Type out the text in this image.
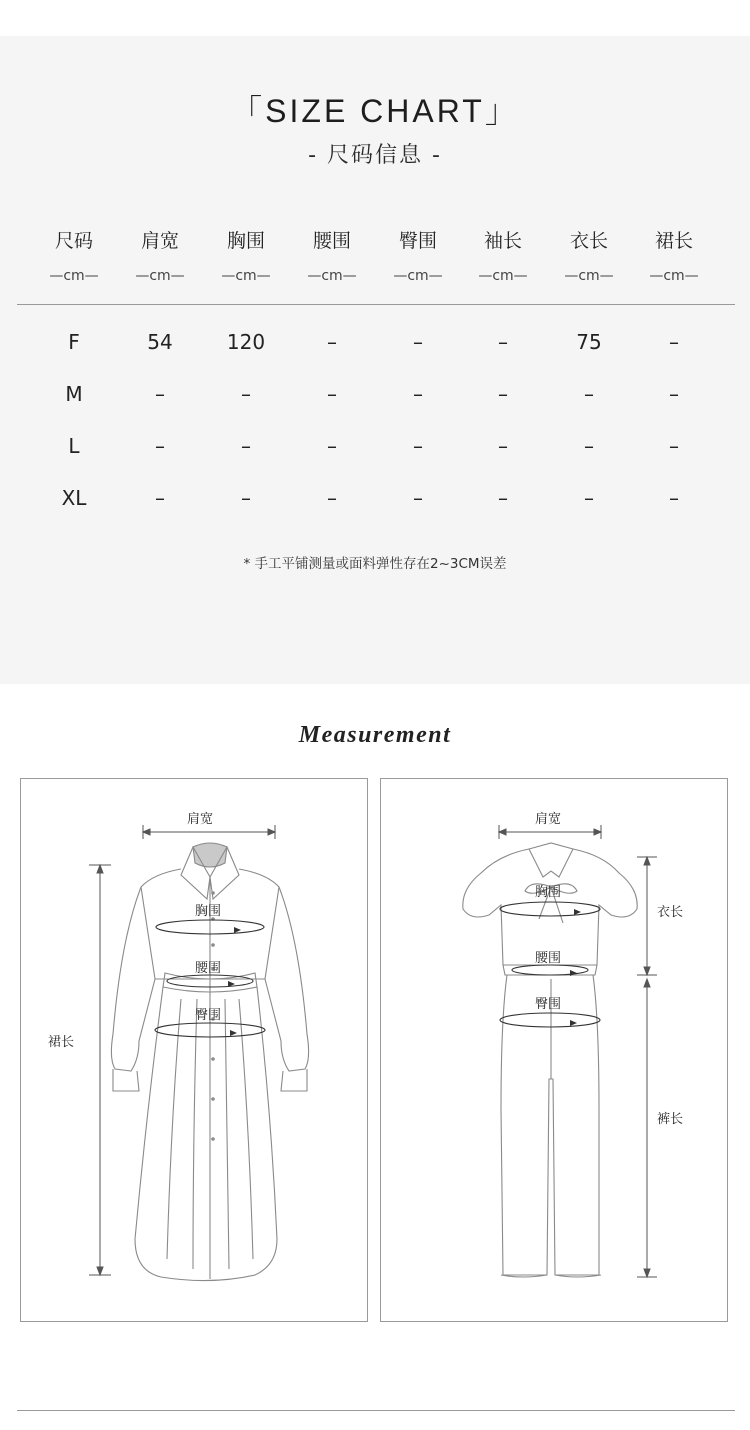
「SIZE CHART」
- 尺码信息 -
尺码	肩宽	胸围	腰围	臀围	袖长	衣长	裙长
—cm—	—cm—	—cm—	—cm—	—cm—	—cm—	—cm—	—cm—
F	54	120	–	–	–	75	–
M	–	–	–	–	–	–	–
L	–	–	–	–	–	–	–
XL	–	–	–	–	–	–	–
* 手工平铺测量或面料弹性存在2~3CM误差
Measurement
肩宽
胸围
腰围
臀围
裙长
肩宽
胸围
腰围
臀围
衣长
裤长
